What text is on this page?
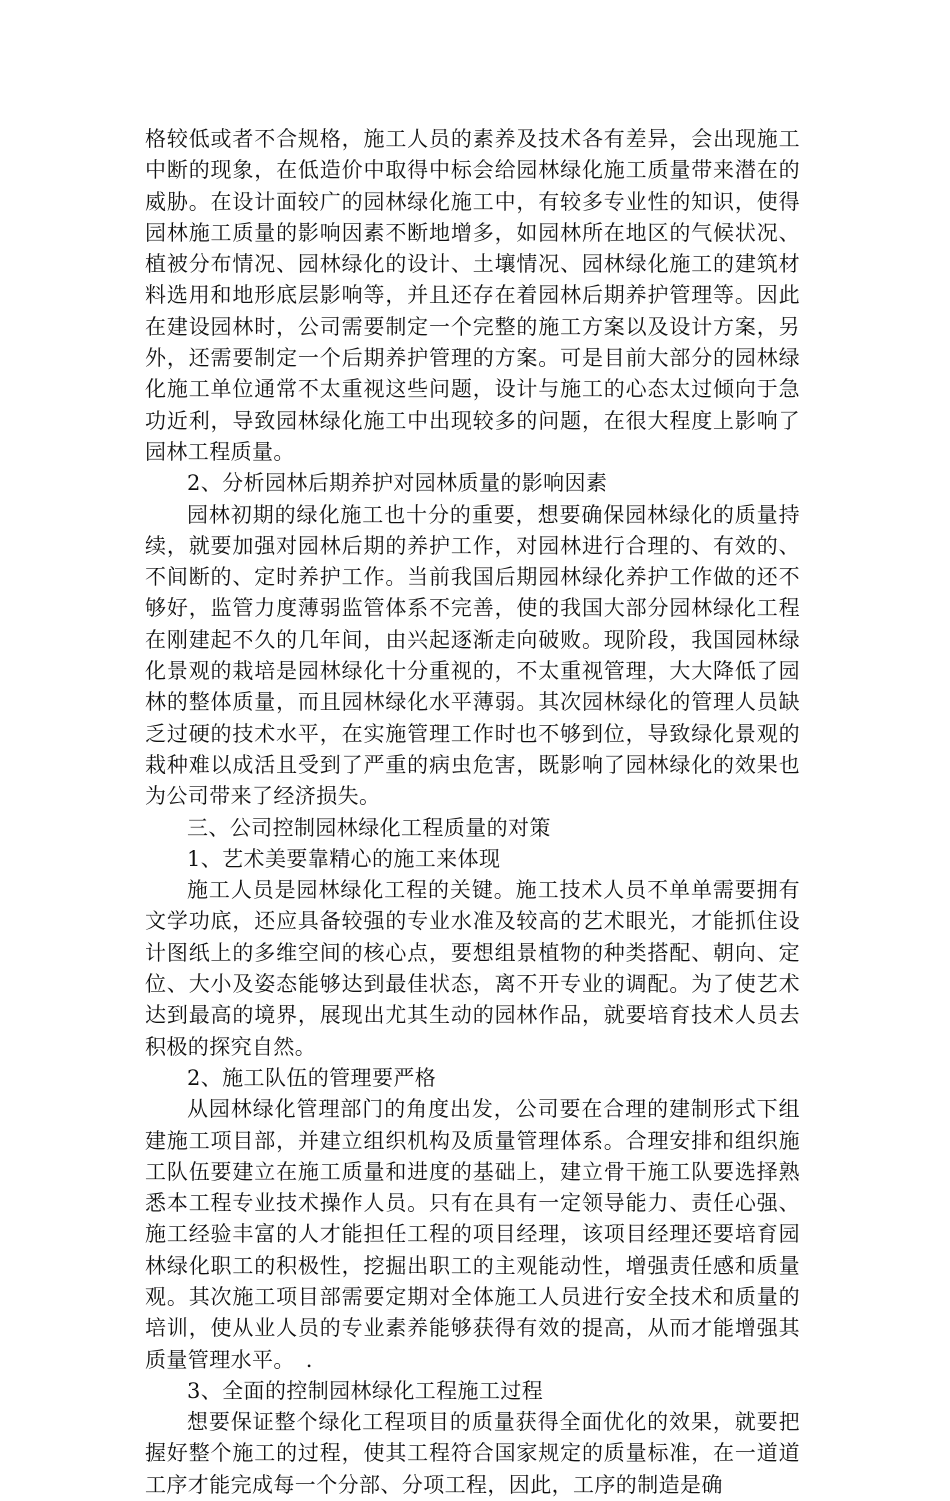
格较低或者不合规格，施工人员的素养及技术各有差异，会出现施工中断的现象，在低造价中取得中标会给园林绿化施工质量带来潜在的威胁。在设计面较广的园林绿化施工中，有较多专业性的知识，使得园林施工质量的影响因素不断地增多，如园林所在地区的气候状况、植被分布情况、园林绿化的设计、土壤情况、园林绿化施工的建筑材料选用和地形底层影响等，并且还存在着园林后期养护管理等。因此在建设园林时，公司需要制定一个完整的施工方案以及设计方案，另外，还需要制定一个后期养护管理的方案。可是目前大部分的园林绿化施工单位通常不太重视这些问题，设计与施工的心态太过倾向于急功近利，导致园林绿化施工中出现较多的问题，在很大程度上影响了园林工程质量。

2、分析园林后期养护对园林质量的影响因素

园林初期的绿化施工也十分的重要，想要确保园林绿化的质量持续，就要加强对园林后期的养护工作，对园林进行合理的、有效的、不间断的、定时养护工作。当前我国后期园林绿化养护工作做的还不够好，监管力度薄弱监管体系不完善，使的我国大部分园林绿化工程在刚建起不久的几年间，由兴起逐渐走向破败。现阶段，我国园林绿化景观的栽培是园林绿化十分重视的，不太重视管理，大大降低了园林的整体质量，而且园林绿化水平薄弱。其次园林绿化的管理人员缺乏过硬的技术水平，在实施管理工作时也不够到位，导致绿化景观的栽种难以成活且受到了严重的病虫危害，既影响了园林绿化的效果也为公司带来了经济损失。

三、公司控制园林绿化工程质量的对策

1、艺术美要靠精心的施工来体现

施工人员是园林绿化工程的关键。施工技术人员不单单需要拥有文学功底，还应具备较强的专业水准及较高的艺术眼光，才能抓住设计图纸上的多维空间的核心点，要想组景植物的种类搭配、朝向、定位、大小及姿态能够达到最佳状态，离不开专业的调配。为了使艺术达到最高的境界，展现出尤其生动的园林作品，就要培育技术人员去积极的探究自然。

2、施工队伍的管理要严格

从园林绿化管理部门的角度出发，公司要在合理的建制形式下组建施工项目部，并建立组织机构及质量管理体系。合理安排和组织施工队伍要建立在施工质量和进度的基础上，建立骨干施工队要选择熟悉本工程专业技术操作人员。只有在具有一定领导能力、责任心强、施工经验丰富的人才能担任工程的项目经理，该项目经理还要培育园林绿化职工的积极性，挖掘出职工的主观能动性，增强责任感和质量观。其次施工项目部需要定期对全体施工人员进行安全技术和质量的培训，使从业人员的专业素养能够获得有效的提高，从而才能增强其质量管理水平。　.

3、全面的控制园林绿化工程施工过程

想要保证整个绿化工程项目的质量获得全面优化的效果，就要把握好整个施工的过程，使其工程符合国家规定的质量标准，在一道道工序才能完成每一个分部、分项工程，因此，工序的制造是确
